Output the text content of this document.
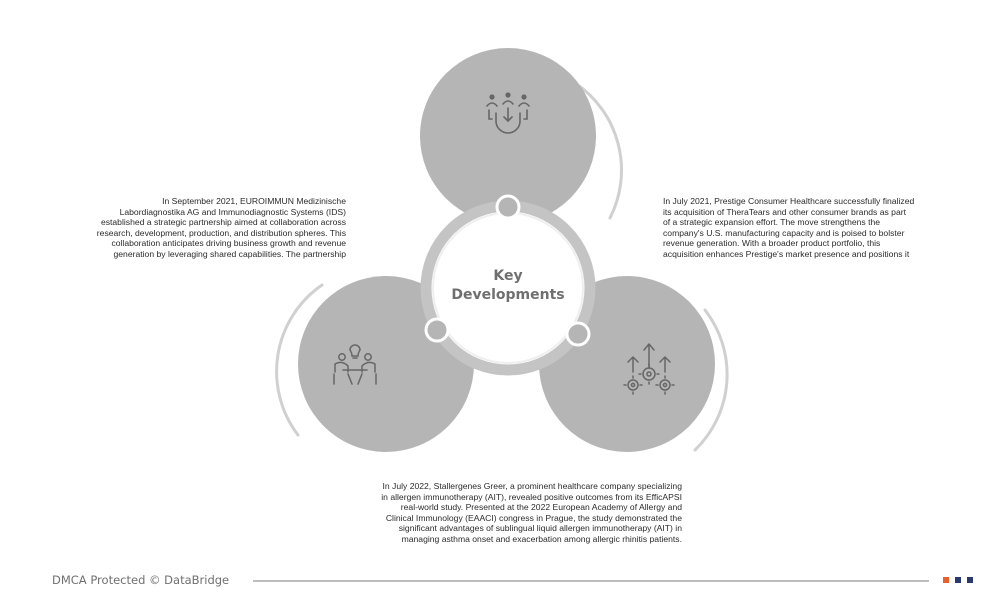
Key
Developments

In September 2021, EUROIMMUN Medizinische

Labordiagnostika AG and Immunodiagnostic Systems (IDS)

established a strategic partnership aimed at collaboration across

research, development, production, and distribution spheres. This

collaboration anticipates driving business growth and revenue

generation by leveraging shared capabilities. The partnership

In July 2021, Prestige Consumer Healthcare successfully finalized

its acquisition of TheraTears and other consumer brands as part

of a strategic expansion effort. The move strengthens the

company's U.S. manufacturing capacity and is poised to bolster

revenue generation. With a broader product portfolio, this

acquisition enhances Prestige's market presence and positions it

In July 2022, Stallergenes Greer, a prominent healthcare company specializing

in allergen immunotherapy (AIT), revealed positive outcomes from its EfficAPSI

real-world study. Presented at the 2022 European Academy of Allergy and

Clinical Immunology (EAACI) congress in Prague, the study demonstrated the

significant advantages of sublingual liquid allergen immunotherapy (AIT) in

managing asthma onset and exacerbation among allergic rhinitis patients.

DMCA Protected © DataBridge
